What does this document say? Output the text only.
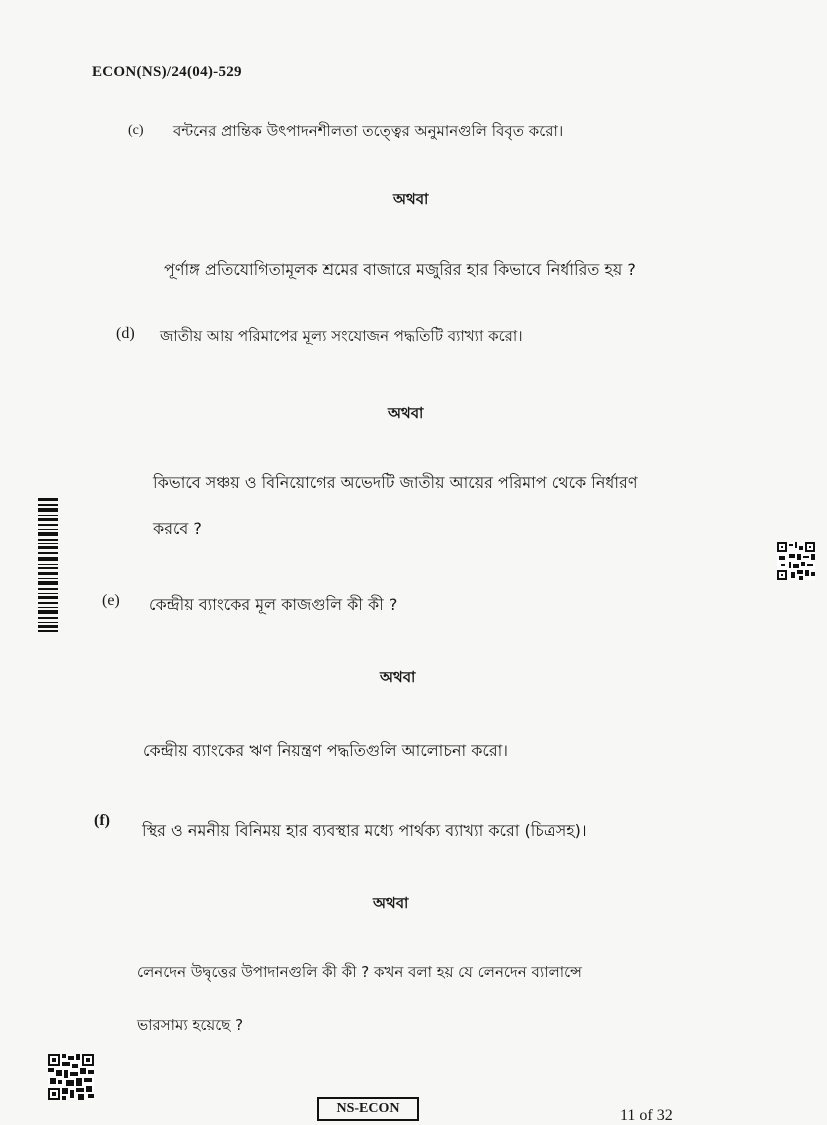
ECON(NS)/24(04)-529
(c) বন্টনের প্রান্তিক উৎপাদনশীলতা তত্ত্বের অনুমানগুলি বিবৃত করো।
অথবা
পূর্ণাঙ্গ প্রতিযোগিতামূলক শ্রমের বাজারে মজুরির হার কিভাবে নির্ধারিত হয় ?
(d) জাতীয় আয় পরিমাপের মূল্য সংযোজন পদ্ধতিটি ব্যাখ্যা করো।
অথবা
কিভাবে সঞ্চয় ও বিনিয়োগের অভেদটি জাতীয় আয়ের পরিমাপ থেকে নির্ধারণ
করবে ?
(e) কেন্দ্রীয় ব্যাংকের মূল কাজগুলি কী কী ?
অথবা
কেন্দ্রীয় ব্যাংকের ঋণ নিয়ন্ত্রণ পদ্ধতিগুলি আলোচনা করো।
(f)
স্থির ও নমনীয় বিনিময় হার ব্যবস্থার মধ্যে পার্থক্য ব্যাখ্যা করো (চিত্রসহ)।
অথবা
লেনদেন উদ্বৃত্তের উপাদানগুলি কী কী ? কখন বলা হয় যে লেনদেন ব্যালান্সে
ভারসাম্য হয়েছে ?
NS-ECON	11 of 32
